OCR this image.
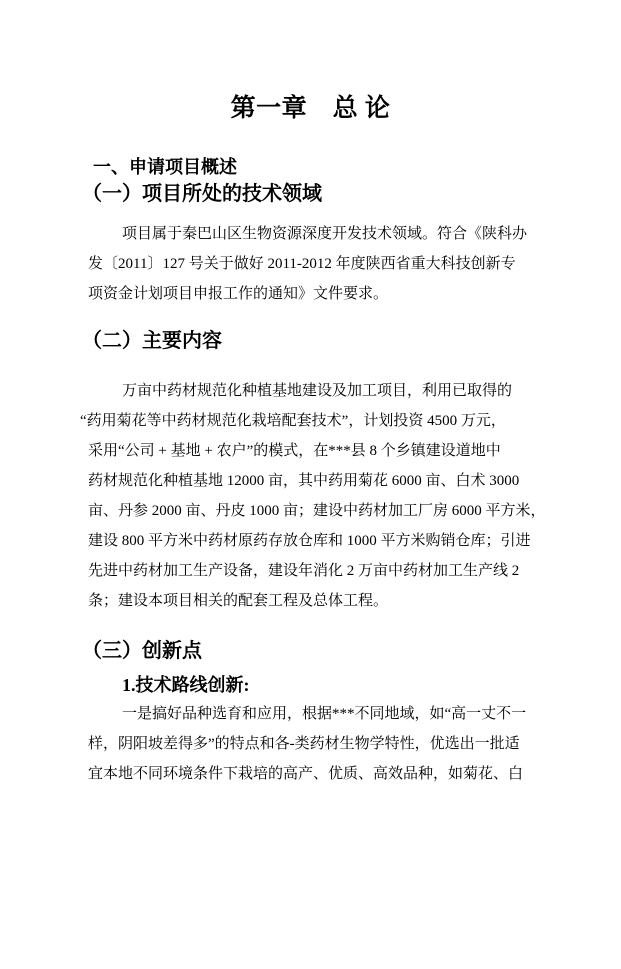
第一章　总 论
一、申请项目概述
（一）项目所处的技术领域
项目属于秦巴山区生物资源深度开发技术领域。符合《陕科办
发〔2011〕127 号关于做好 2011-2012 年度陕西省重大科技创新专
项资金计划项目申报工作的通知》文件要求。
（二）主要内容
万亩中药材规范化种植基地建设及加工项目，利用已取得的
“药用菊花等中药材规范化栽培配套技术”，计划投资 4500 万元，
采用“公司 + 基地 + 农户”的模式，在***县 8 个乡镇建设道地中
药材规范化种植基地 12000 亩，其中药用菊花 6000 亩、白术 3000
亩、丹参 2000 亩、丹皮 1000 亩；建设中药材加工厂房 6000 平方米，
建设 800 平方米中药材原药存放仓库和 1000 平方米购销仓库；引进
先进中药材加工生产设备，建设年消化 2 万亩中药材加工生产线 2
条；建设本项目相关的配套工程及总体工程。
（三）创新点
1.技术路线创新:
一是搞好品种选育和应用，根据***不同地域，如“高一丈不一
样，阴阳坡差得多”的特点和各-类药材生物学特性，优选出一批适
宜本地不同环境条件下栽培的高产、优质、高效品种，如菊花、白
